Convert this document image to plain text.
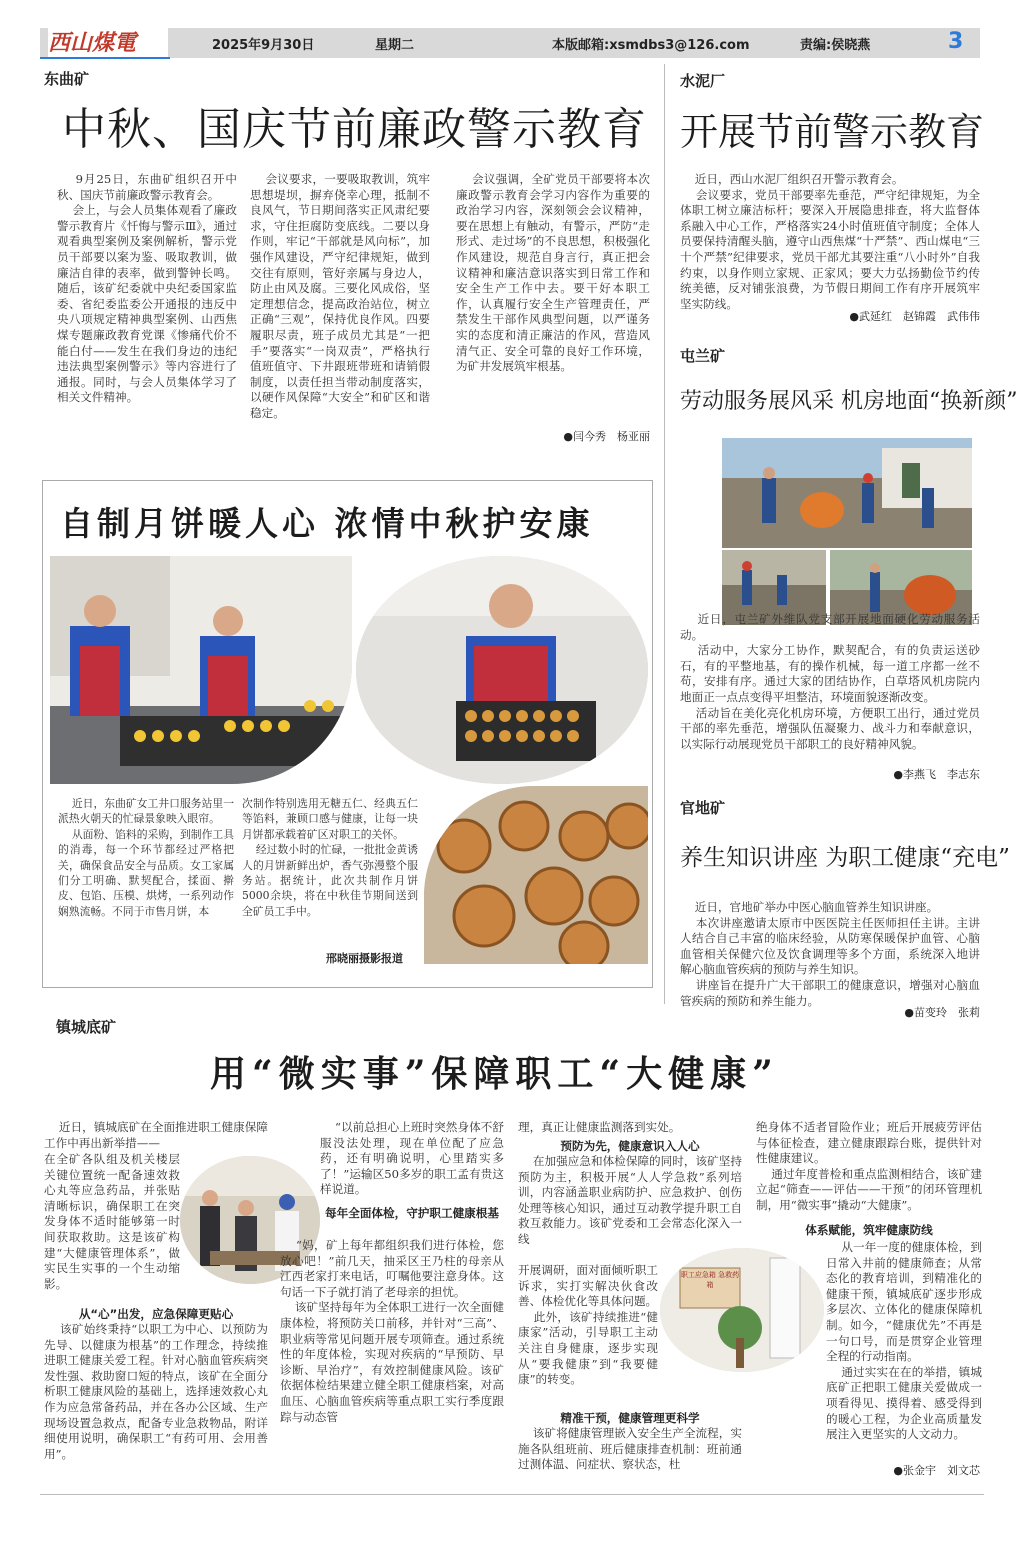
西山煤電	2025年9月30日	星期二	本版邮箱:xsmdbs3@126.com	责编:侯晓燕	3
东曲矿
中秋、国庆节前廉政警示教育
9月25日，东曲矿组织召开中秋、国庆节前廉政警示教育会。
会上，与会人员集体观看了廉政警示教育片《忏悔与警示Ⅲ》，通过观看典型案例及案例解析，警示党员干部要以案为鉴、吸取教训，做廉洁自律的表率，做到警钟长鸣。随后，该矿纪委就中央纪委国家监委、省纪委监委公开通报的违反中央八项规定精神典型案例、山西焦煤专题廉政教育党课《惨痛代价不能白付——发生在我们身边的违纪违法典型案例警示》等内容进行了通报。同时，与会人员集体学习了相关文件精神。
会议要求，一要吸取教训，筑牢思想堤坝，摒弃侥幸心理，抵制不良风气，节日期间落实正风肃纪要求，守住拒腐防变底线。二要以身作则，牢记“干部就是风向标”，加强作风建设，严守纪律规矩，做到交往有原则，管好亲属与身边人，防止由风及腐。三要化风成俗，坚定理想信念，提高政治站位，树立正确“三观”，保持优良作风。四要履职尽责，班子成员尤其是“一把手”要落实“一岗双责”，严格执行值班值守、下井跟班带班和请销假制度，以责任担当带动制度落实，以硬作风保障“大安全”和矿区和谐稳定。
会议强调，全矿党员干部要将本次廉政警示教育会学习内容作为重要的政治学习内容，深刻领会会议精神，要在思想上有触动，有警示，严防“走形式、走过场”的不良思想，积极强化作风建设，规范自身言行，真正把会议精神和廉洁意识落实到日常工作和安全生产工作中去。要干好本职工作，认真履行安全生产管理责任，严禁发生干部作风典型问题，以严谨务实的态度和清正廉洁的作风，营造风清气正、安全可靠的良好工作环境，为矿井发展筑牢根基。
●闫今秀　杨亚丽
水泥厂
开展节前警示教育
近日，西山水泥厂组织召开警示教育会。
会议要求，党员干部要率先垂范，严守纪律规矩，为全体职工树立廉洁标杆；要深入开展隐患排查，将大监督体系融入中心工作，严格落实24小时值班值守制度；全体人员要保持清醒头脑，遵守山西焦煤“十严禁”、西山煤电“三十个严禁”纪律要求，党员干部尤其要注重“八小时外”自我约束，以身作则立家规、正家风；要大力弘扬勤俭节约传统美德，反对铺张浪费，为节假日期间工作有序开展筑牢坚实防线。
●武延红　赵锦霞　武伟伟
屯兰矿
劳动服务展风采 机房地面“换新颜”
近日，屯兰矿外维队党支部开展地面硬化劳动服务活动。
活动中，大家分工协作，默契配合，有的负责运送砂石，有的平整地基，有的操作机械，每一道工序都一丝不苟，安排有序。通过大家的团结协作，白草塔风机房院内地面正一点点变得平坦整洁，环境面貌逐渐改变。
活动旨在美化亮化机房环境，方便职工出行，通过党员干部的率先垂范，增强队伍凝聚力、战斗力和奉献意识，以实际行动展现党员干部职工的良好精神风貌。
●李燕飞　李志东
自制月饼暖人心 浓情中秋护安康
近日，东曲矿女工井口服务站里一派热火朝天的忙碌景象映入眼帘。
从面粉、馅料的采购，到制作工具的消毒，每一个环节都经过严格把关，确保食品安全与品质。女工家属们分工明确、默契配合，揉面、擀皮、包馅、压模、烘烤，一系列动作娴熟流畅。不同于市售月饼，本
次制作特别选用无糖五仁、经典五仁等馅料，兼顾口感与健康，让每一块月饼都承载着矿区对职工的关怀。
经过数小时的忙碌，一批批金黄诱人的月饼新鲜出炉，香气弥漫整个服务站。据统计，此次共制作月饼5000余块，将在中秋佳节期间送到全矿员工手中。
邢晓丽摄影报道
官地矿
养生知识讲座 为职工健康“充电”
近日，官地矿举办中医心脑血管养生知识讲座。
本次讲座邀请太原市中医医院主任医师担任主讲。主讲人结合自己丰富的临床经验，从防寒保暖保护血管、心脑血管相关保健穴位及饮食调理等多个方面，系统深入地讲解心脑血管疾病的预防与养生知识。
讲座旨在提升广大干部职工的健康意识，增强对心脑血管疾病的预防和养生能力。
●苗变玲　张莉
镇城底矿
用“微实事”保障职工“大健康”
近日，镇城底矿在全面推进职工健康保障工作中再出新举措——
在全矿各队组及机关楼层关键位置统一配备速效救心丸等应急药品，并张贴清晰标识，确保职工在突发身体不适时能够第一时间获取救助。这是该矿构建“大健康管理体系”，做实民生实事的一个生动缩影。
从“心”出发，应急保障更贴心
该矿始终秉持“以职工为中心、以预防为先导、以健康为根基”的工作理念，持续推进职工健康关爱工程。针对心脑血管疾病突发性强、救助窗口短的特点，该矿在全面分析职工健康风险的基础上，选择速效救心丸作为应急常备药品，并在各办公区域、生产现场设置急救点，配备专业急救物品，附详细使用说明，确保职工“有药可用、会用善用”。
“以前总担心上班时突然身体不舒服没法处理，现在单位配了应急药，还有明确说明，心里踏实多了！”运输区50多岁的职工孟有贵这样说道。
每年全面体检，守护职工健康根基
“妈，矿上每年都组织我们进行体检，您放心吧！”前几天，抽采区王乃柱的母亲从江西老家打来电话，叮嘱他要注意身体。这句话一下子就打消了老母亲的担忧。
该矿坚持每年为全体职工进行一次全面健康体检，将预防关口前移，并针对“三高”、职业病等常见问题开展专项筛查。通过系统性的年度体检，实现对疾病的“早预防、早诊断、早治疗”，有效控制健康风险。该矿依据体检结果建立健全职工健康档案，对高血压、心脑血管疾病等重点职工实行季度跟踪与动态管
理，真正让健康监测落到实处。
预防为先，健康意识入人心
在加强应急和体检保障的同时，该矿坚持预防为主，积极开展“人人学急救”系列培训，内容涵盖职业病防护、应急救护、创伤处理等核心知识，通过互动教学提升职工自救互救能力。该矿党委和工会常态化深入一线
职工应急箱 急救药箱
开展调研，面对面倾听职工诉求，实打实解决伙食改善、体检优化等具体问题。
此外，该矿持续推进“健康家”活动，引导职工主动关注自身健康，逐步实现从“要我健康”到“我要健康”的转变。
精准干预，健康管理更科学
该矿将健康管理嵌入安全生产全流程，实施各队组班前、班后健康排查机制：班前通过测体温、问症状、察状态，杜
绝身体不适者冒险作业；班后开展疲劳评估与体征检查，建立健康跟踪台账，提供针对性健康建议。
通过年度普检和重点监测相结合，该矿建立起“筛查——评估——干预”的闭环管理机制，用“微实事”撬动“大健康”。
体系赋能，筑牢健康防线
从一年一度的健康体检，到日常入井前的健康筛查；从常态化的教育培训，到精准化的健康干预，镇城底矿逐步形成多层次、立体化的健康保障机制。如今，“健康优先”不再是一句口号，而是贯穿企业管理全程的行动指南。
通过实实在在的举措，镇城底矿正把职工健康关爱做成一项看得见、摸得着、感受得到的暖心工程，为企业高质量发展注入更坚实的人文动力。
●张金宇　刘文芯
